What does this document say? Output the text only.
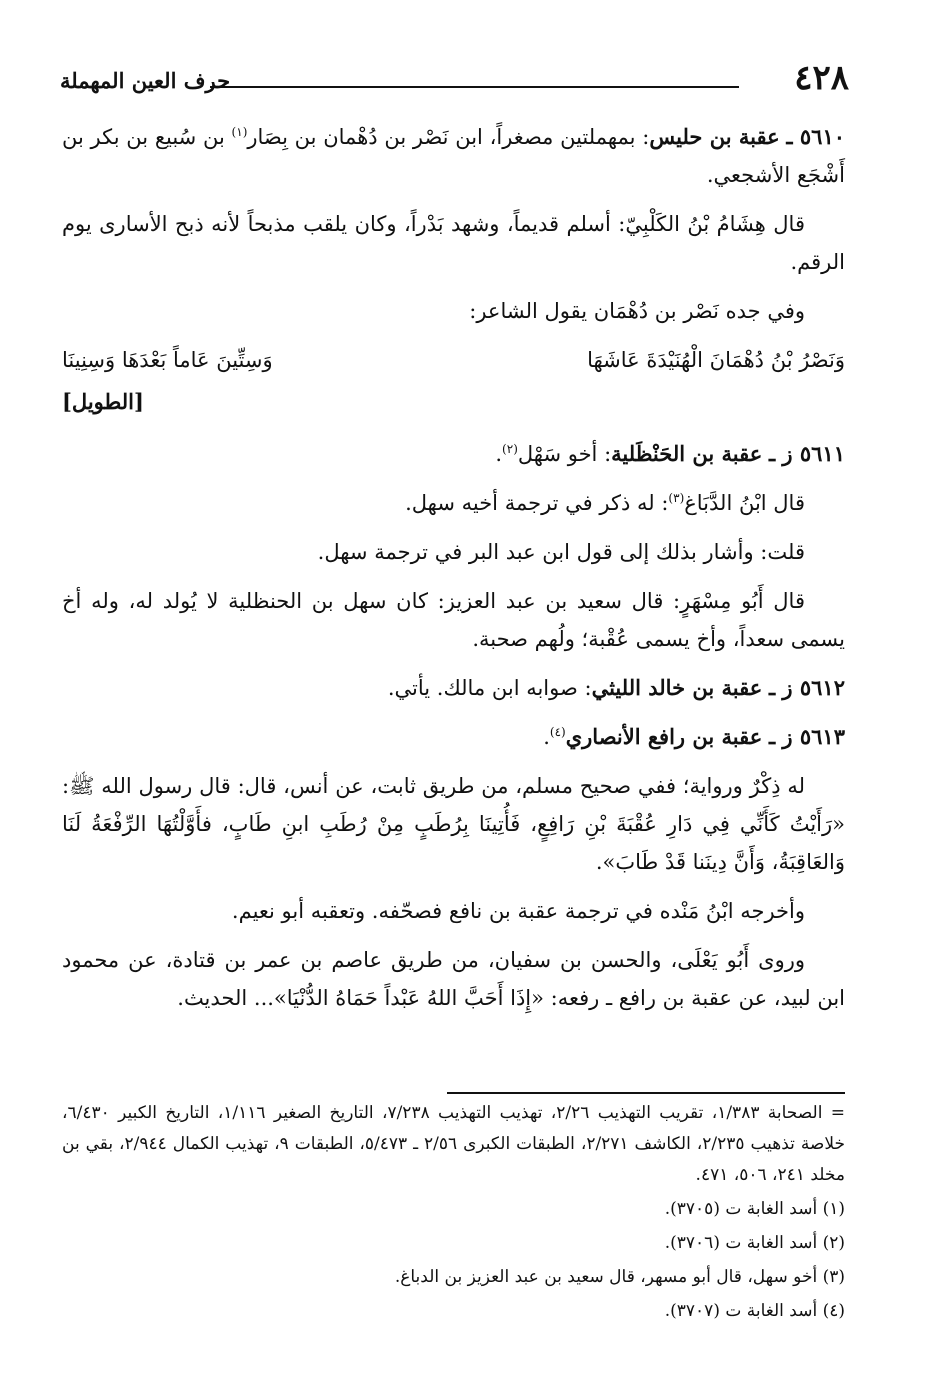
٤٢٨
حرف العين المهملة

٥٦١٠ ـ عقبة بن حليس: بمهملتين مصغراً، ابن نَصْر بن دُهْمان بن بِصَار$^{(١)}$ بن سُبيع بن بكر بن أَشْجَع الأشجعي.

قال هِشَامُ بْنُ الكَلْبِيّ: أسلم قديماً، وشهد بَدْراً، وكان يلقب مذبحاً لأنه ذبح الأسارى يوم الرقم.

وفي جده نَصْر بن دُهْمَان يقول الشاعر:

وَنَصْرُ بْنُ دُهْمَانَ الْهُنَيْدَةَ عَاشَهَا
وَسِتِّينَ عَاماً بَعْدَهَا وَسِنِينَا
[الطويل]

٥٦١١ ز ـ عقبة بن الحَنْظَلية: أخو سَهْل$^{(٢)}$.

قال ابْنُ الدَّبَاغ$^{(٣)}$: له ذكر في ترجمة أخيه سهل.

قلت: وأشار بذلك إلى قول ابن عبد البر في ترجمة سهل.

قال أَبُو مِسْهَرٍ: قال سعيد بن عبد العزيز: كان سهل بن الحنظلية لا يُولد له، وله أخ يسمى سعداً، وأخ يسمى عُقْبة؛ ولُهم صحبة.

٥٦١٢ ز ـ عقبة بن خالد الليثي: صوابه ابن مالك. يأتي.

٥٦١٣ ز ـ عقبة بن رافع الأنصاري$^{(٤)}$.

له ذِكْرٌ ورواية؛ ففي صحيح مسلم، من طريق ثابت، عن أنس، قال: قال رسول الله ﷺ: «رَأَيْتُ كَأَنِّي فِي دَارِ عُقْبَةَ بْنِ رَافِعٍ، فَأُتِينَا بِرُطَبٍ مِنْ رُطَبِ ابنِ طَابٍ، فأَوَّلْتُهَا الرِّفْعَةُ لَنَا وَالعَاقِبَةُ، وَأَنَّ دِينَنا قَدْ طَابَ».

وأخرجه ابْنُ مَنْده في ترجمة عقبة بن نافع فصحّفه. وتعقبه أبو نعيم.

وروى أَبُو يَعْلَى، والحسن بن سفيان، من طريق عاصم بن عمر بن قتادة، عن محمود ابن لبيد، عن عقبة بن رافع ـ رفعه: «إِذَا أَحَبَّ اللهُ عَبْداً حَمَاهُ الدُّنْيَا»... الحديث.

= الصحابة ١/٣٨٣، تقريب التهذيب ٢/٢٦، تهذيب التهذيب ٧/٢٣٨، التاريخ الصغير ١/١١٦، التاريخ الكبير ٦/٤٣٠، خلاصة تذهيب ٢/٢٣٥، الكاشف ٢/٢٧١، الطبقات الكبرى ٢/٥٦ ـ ٥/٤٧٣، الطبقات ٩، تهذيب الكمال ٢/٩٤٤، بقي بن مخلد ٢٤١، ٥٠٦، ٤٧١.

(١) أسد الغابة ت (٣٧٠٥).

(٢) أسد الغابة ت (٣٧٠٦).

(٣) أخو سهل، قال أبو مسهر، قال سعيد بن عبد العزيز بن الدباغ.

(٤) أسد الغابة ت (٣٧٠٧).
